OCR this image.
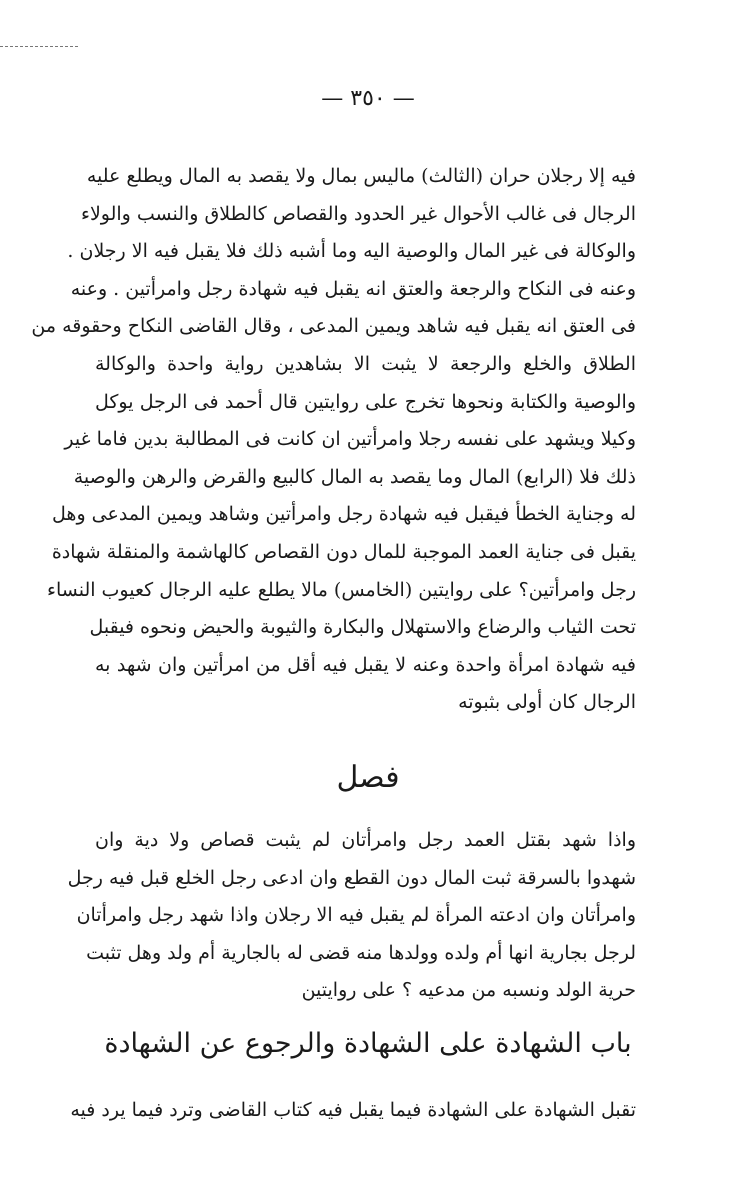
— ٣٥٠ —
فيه إلا رجلان حران (الثالث) ماليس بمال ولا يقصد به المال ويطلع عليه
الرجال فى غالب الأحوال غير الحدود والقصاص كالطلاق والنسب والولاء
والوكالة فى غير المال والوصية اليه وما أشبه ذلك فلا يقبل فيه الا رجلان .
وعنه فى النكاح والرجعة والعتق انه يقبل فيه شهادة رجل وامرأتين . وعنه
فى العتق انه يقبل فيه شاهد ويمين المدعى ، وقال القاضى النكاح وحقوقه من
الطلاق والخلع والرجعة لا يثبت الا بشاهدين رواية واحدة والوكالة
والوصية والكتابة ونحوها تخرج على روايتين قال أحمد فى الرجل يوكل
وكيلا ويشهد على نفسه رجلا وامرأتين ان كانت فى المطالبة بدين فاما غير
ذلك فلا (الرابع) المال وما يقصد به المال كالبيع والقرض والرهن والوصية
له وجناية الخطأ فيقبل فيه شهادة رجل وامرأتين وشاهد ويمين المدعى وهل
يقبل فى جناية العمد الموجبة للمال دون القصاص كالهاشمة والمنقلة شهادة
رجل وامرأتين؟ على روايتين (الخامس) مالا يطلع عليه الرجال كعيوب النساء
تحت الثياب والرضاع والاستهلال والبكارة والثيوبة والحيض ونحوه فيقبل
فيه شهادة امرأة واحدة وعنه لا يقبل فيه أقل من امرأتين وان شهد به
الرجال كان أولى بثبوته
فصل
واذا شهد بقتل العمد رجل وامرأتان لم يثبت قصاص ولا دية وان
شهدوا بالسرقة ثبت المال دون القطع وان ادعى رجل الخلع قبل فيه رجل
وامرأتان وان ادعته المرأة لم يقبل فيه الا رجلان واذا شهد رجل وامرأتان
لرجل بجارية انها أم ولده وولدها منه قضى له بالجارية أم ولد وهل تثبت
حرية الولد ونسبه من مدعيه ؟ على روايتين
باب الشهادة على الشهادة والرجوع عن الشهادة
تقبل الشهادة على الشهادة فيما يقبل فيه كتاب القاضى وترد فيما يرد فيه
